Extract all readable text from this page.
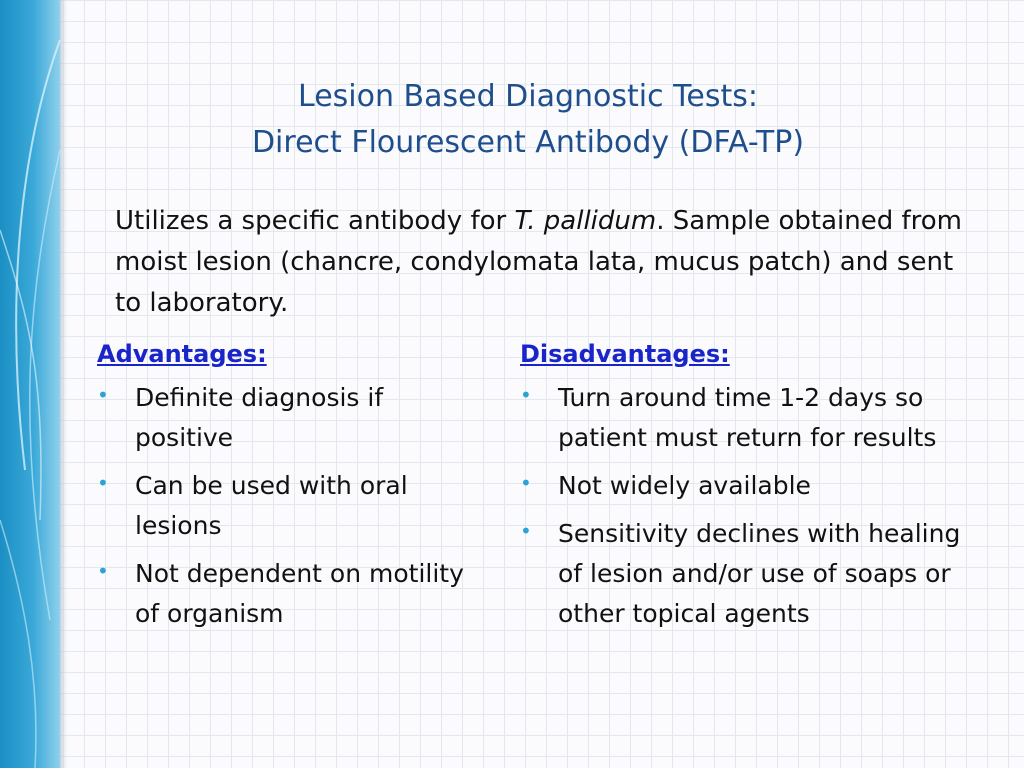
Lesion Based Diagnostic Tests:
Direct Flourescent Antibody (DFA-TP)

Utilizes a specific antibody for T. pallidum. Sample obtained from moist lesion (chancre, condylomata lata, mucus patch) and sent to laboratory.

Advantages:
• Definite diagnosis if positive
• Can be used with oral lesions
• Not dependent on motility of organism
Disadvantages:
• Turn around time 1-2 days so patient must return for results
• Not widely available
• Sensitivity declines with healing of lesion and/or use of soaps or other topical agents
